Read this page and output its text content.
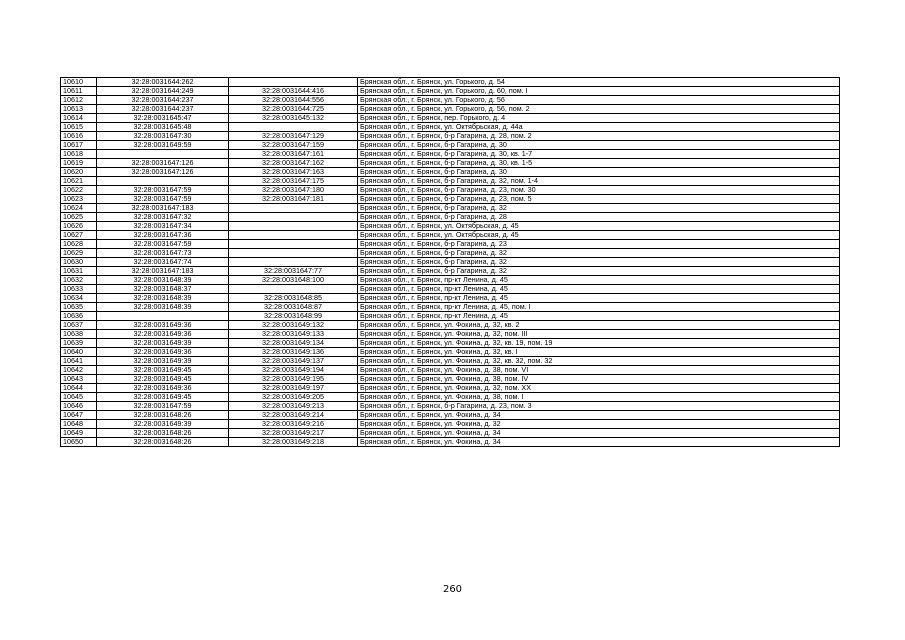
10610	32:28:0031644:262		Брянская обл., г. Брянск, ул. Горького, д. 54
10611	32:28:0031644:249	32:28:0031644:416	Брянская обл., г. Брянск, ул. Горького, д. 60, пом. I
10612	32:28:0031644:237	32:28:0031644:556	Брянская обл., г. Брянск, ул. Горького, д. 56
10613	32:28:0031644:237	32:28:0031644:725	Брянская обл., г. Брянск, ул. Горького, д. 56, пом. 2
10614	32:28:0031645:47	32:28:0031645:132	Брянская обл., г. Брянск, пер. Горького, д. 4
10615	32:28:0031645:48		Брянская обл., г. Брянск, ул. Октябрьская, д. 44а
10616	32:28:0031647:30	32:28:0031647:129	Брянская обл., г. Брянск, б-р Гагарина, д. 28, пом. 2
10617	32:28:0031649:59	32:28:0031647:159	Брянская обл., г. Брянск, б-р Гагарина, д. 30
10618		32:28:0031647:161	Брянская обл., г. Брянск, б-р Гагарина, д. 30, кв. 1-7
10619	32:28:0031647:126	32:28:0031647:162	Брянская обл., г. Брянск, б-р Гагарина, д. 30, кв. 1-5
10620	32:28:0031647:126	32:28:0031647:163	Брянская обл., г. Брянск, б-р Гагарина, д. 30
10621		32:28:0031647:175	Брянская обл., г. Брянск, б-р Гагарина, д. 32, пом. 1-4
10622	32:28:0031647:59	32:28:0031647:180	Брянская обл., г. Брянск, б-р Гагарина, д. 23, пом. 30
10623	32:28:0031647:59	32:28:0031647:181	Брянская обл., г. Брянск, б-р Гагарина, д. 23, пом. 5
10624	32:28:0031647:183		Брянская обл., г. Брянск, б-р Гагарина, д. 32
10625	32:28:0031647:32		Брянская обл., г. Брянск, б-р Гагарина, д. 28
10626	32:28:0031647:34		Брянская обл., г. Брянск, ул. Октябрьская, д. 45
10627	32:28:0031647:36		Брянская обл., г. Брянск, ул. Октябрьская, д. 45
10628	32:28:0031647:59		Брянская обл., г. Брянск, б-р Гагарина, д. 23
10629	32:28:0031647:73		Брянская обл., г. Брянск, б-р Гагарина, д. 32
10630	32:28:0031647:74		Брянская обл., г. Брянск, б-р Гагарина, д. 32
10631	32:28:0031647:183	32:28:0031647:77	Брянская обл., г. Брянск, б-р Гагарина, д. 32
10632	32:28:0031648:39	32:28:0031648:100	Брянская обл., г. Брянск, пр-кт Ленина, д. 45
10633	32:28:0031648:37		Брянская обл., г. Брянск, пр-кт Ленина, д. 45
10634	32:28:0031648:39	32:28:0031648:85	Брянская обл., г. Брянск, пр-кт Ленина, д. 45
10635	32:28:0031648:39	32:28:0031648:87	Брянская обл., г. Брянск, пр-кт Ленина, д. 45, пом. I
10636		32:28:0031648:99	Брянская обл., г. Брянск, пр-кт Ленина, д. 45
10637	32:28:0031649:36	32:28:0031649:132	Брянская обл., г. Брянск, ул. Фокина, д. 32, кв. 2
10638	32:28:0031649:36	32:28:0031649:133	Брянская обл., г. Брянск, ул. Фокина, д. 32, пом. III
10639	32:28:0031649:39	32:28:0031649:134	Брянская обл., г. Брянск, ул. Фокина, д. 32, кв. 19, пом. 19
10640	32:28:0031649:36	32:28:0031649:136	Брянская обл., г. Брянск, ул. Фокина, д. 32, кв. I
10641	32:28:0031649:39	32:28:0031649:137	Брянская обл., г. Брянск, ул. Фокина, д. 32, кв. 32, пом. 32
10642	32:28:0031649:45	32:28:0031649:194	Брянская обл., г. Брянск, ул. Фокина, д. 38, пом. VI
10643	32:28:0031649:45	32:28:0031649:195	Брянская обл., г. Брянск, ул. Фокина, д. 38, пом. IV
10644	32:28:0031649:36	32:28:0031649:197	Брянская обл., г. Брянск, ул. Фокина, д. 32, пом. XX
10645	32:28:0031649:45	32:28:0031649:205	Брянская обл., г. Брянск, ул. Фокина, д. 38, пом. I
10646	32:28:0031647:59	32:28:0031649:213	Брянская обл., г. Брянск, б-р Гагарина, д. 23, пом. 3
10647	32:28:0031648:26	32:28:0031649:214	Брянская обл., г. Брянск, ул. Фокина, д. 34
10648	32:28:0031649:39	32:28:0031649:216	Брянская обл., г. Брянск, ул. Фокина, д. 32
10649	32:28:0031648:26	32:28:0031649:217	Брянская обл., г. Брянск, ул. Фокина, д. 34
10650	32:28:0031648:26	32:28:0031649:218	Брянская обл., г. Брянск, ул. Фокина, д. 34
260
